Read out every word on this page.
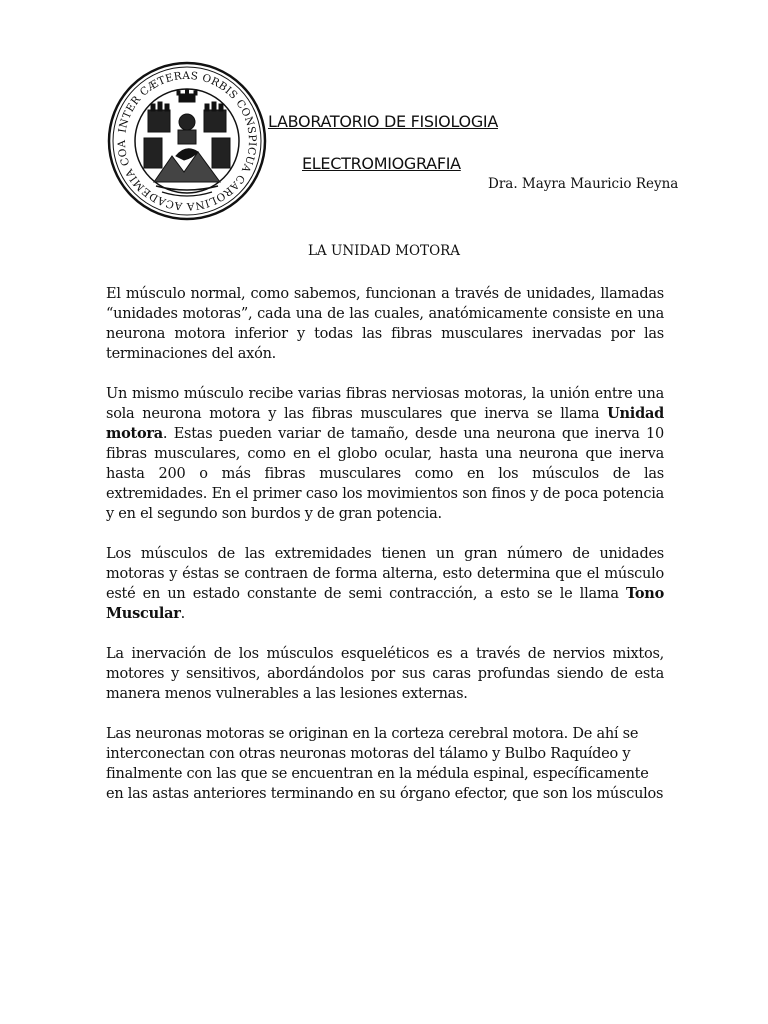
INTER CÆTERAS ORBIS CONSPICUA CAROLINA ACADEMIA COA
LABORATORIO DE FISIOLOGIA
ELECTROMIOGRAFIA
Dra. Mayra Mauricio Reyna
LA UNIDAD MOTORA

El músculo normal, como sabemos, funcionan a través de unidades, llamadas “unidades motoras”, cada una de las cuales, anatómicamente consiste en una neurona motora inferior y todas las fibras musculares inervadas por las terminaciones del axón.

Un mismo músculo recibe varias fibras nerviosas motoras, la unión entre una sola neurona motora y las fibras musculares que inerva se llama Unidad motora. Estas pueden variar de tamaño, desde una neurona que inerva 10 fibras musculares, como en el globo ocular, hasta una neurona que inerva hasta 200 o más fibras musculares como en los músculos de las extremidades. En el primer caso los movimientos son finos y de poca potencia y en el segundo son burdos y de gran potencia.

Los músculos de las extremidades tienen un gran número de unidades motoras y éstas se contraen de forma alterna, esto determina que el músculo esté en un estado constante de semi contracción, a esto se le llama Tono Muscular.

La inervación de los músculos esqueléticos es a través de nervios mixtos, motores y sensitivos, abordándolos por sus caras profundas siendo de esta manera menos vulnerables a las lesiones externas.

Las neuronas motoras se originan en la corteza cerebral motora. De ahí se interconectan con otras neuronas motoras del tálamo y Bulbo Raquídeo y finalmente con las que se encuentran en la médula espinal, específicamente en las astas anteriores terminando en su órgano efector, que son los músculos
